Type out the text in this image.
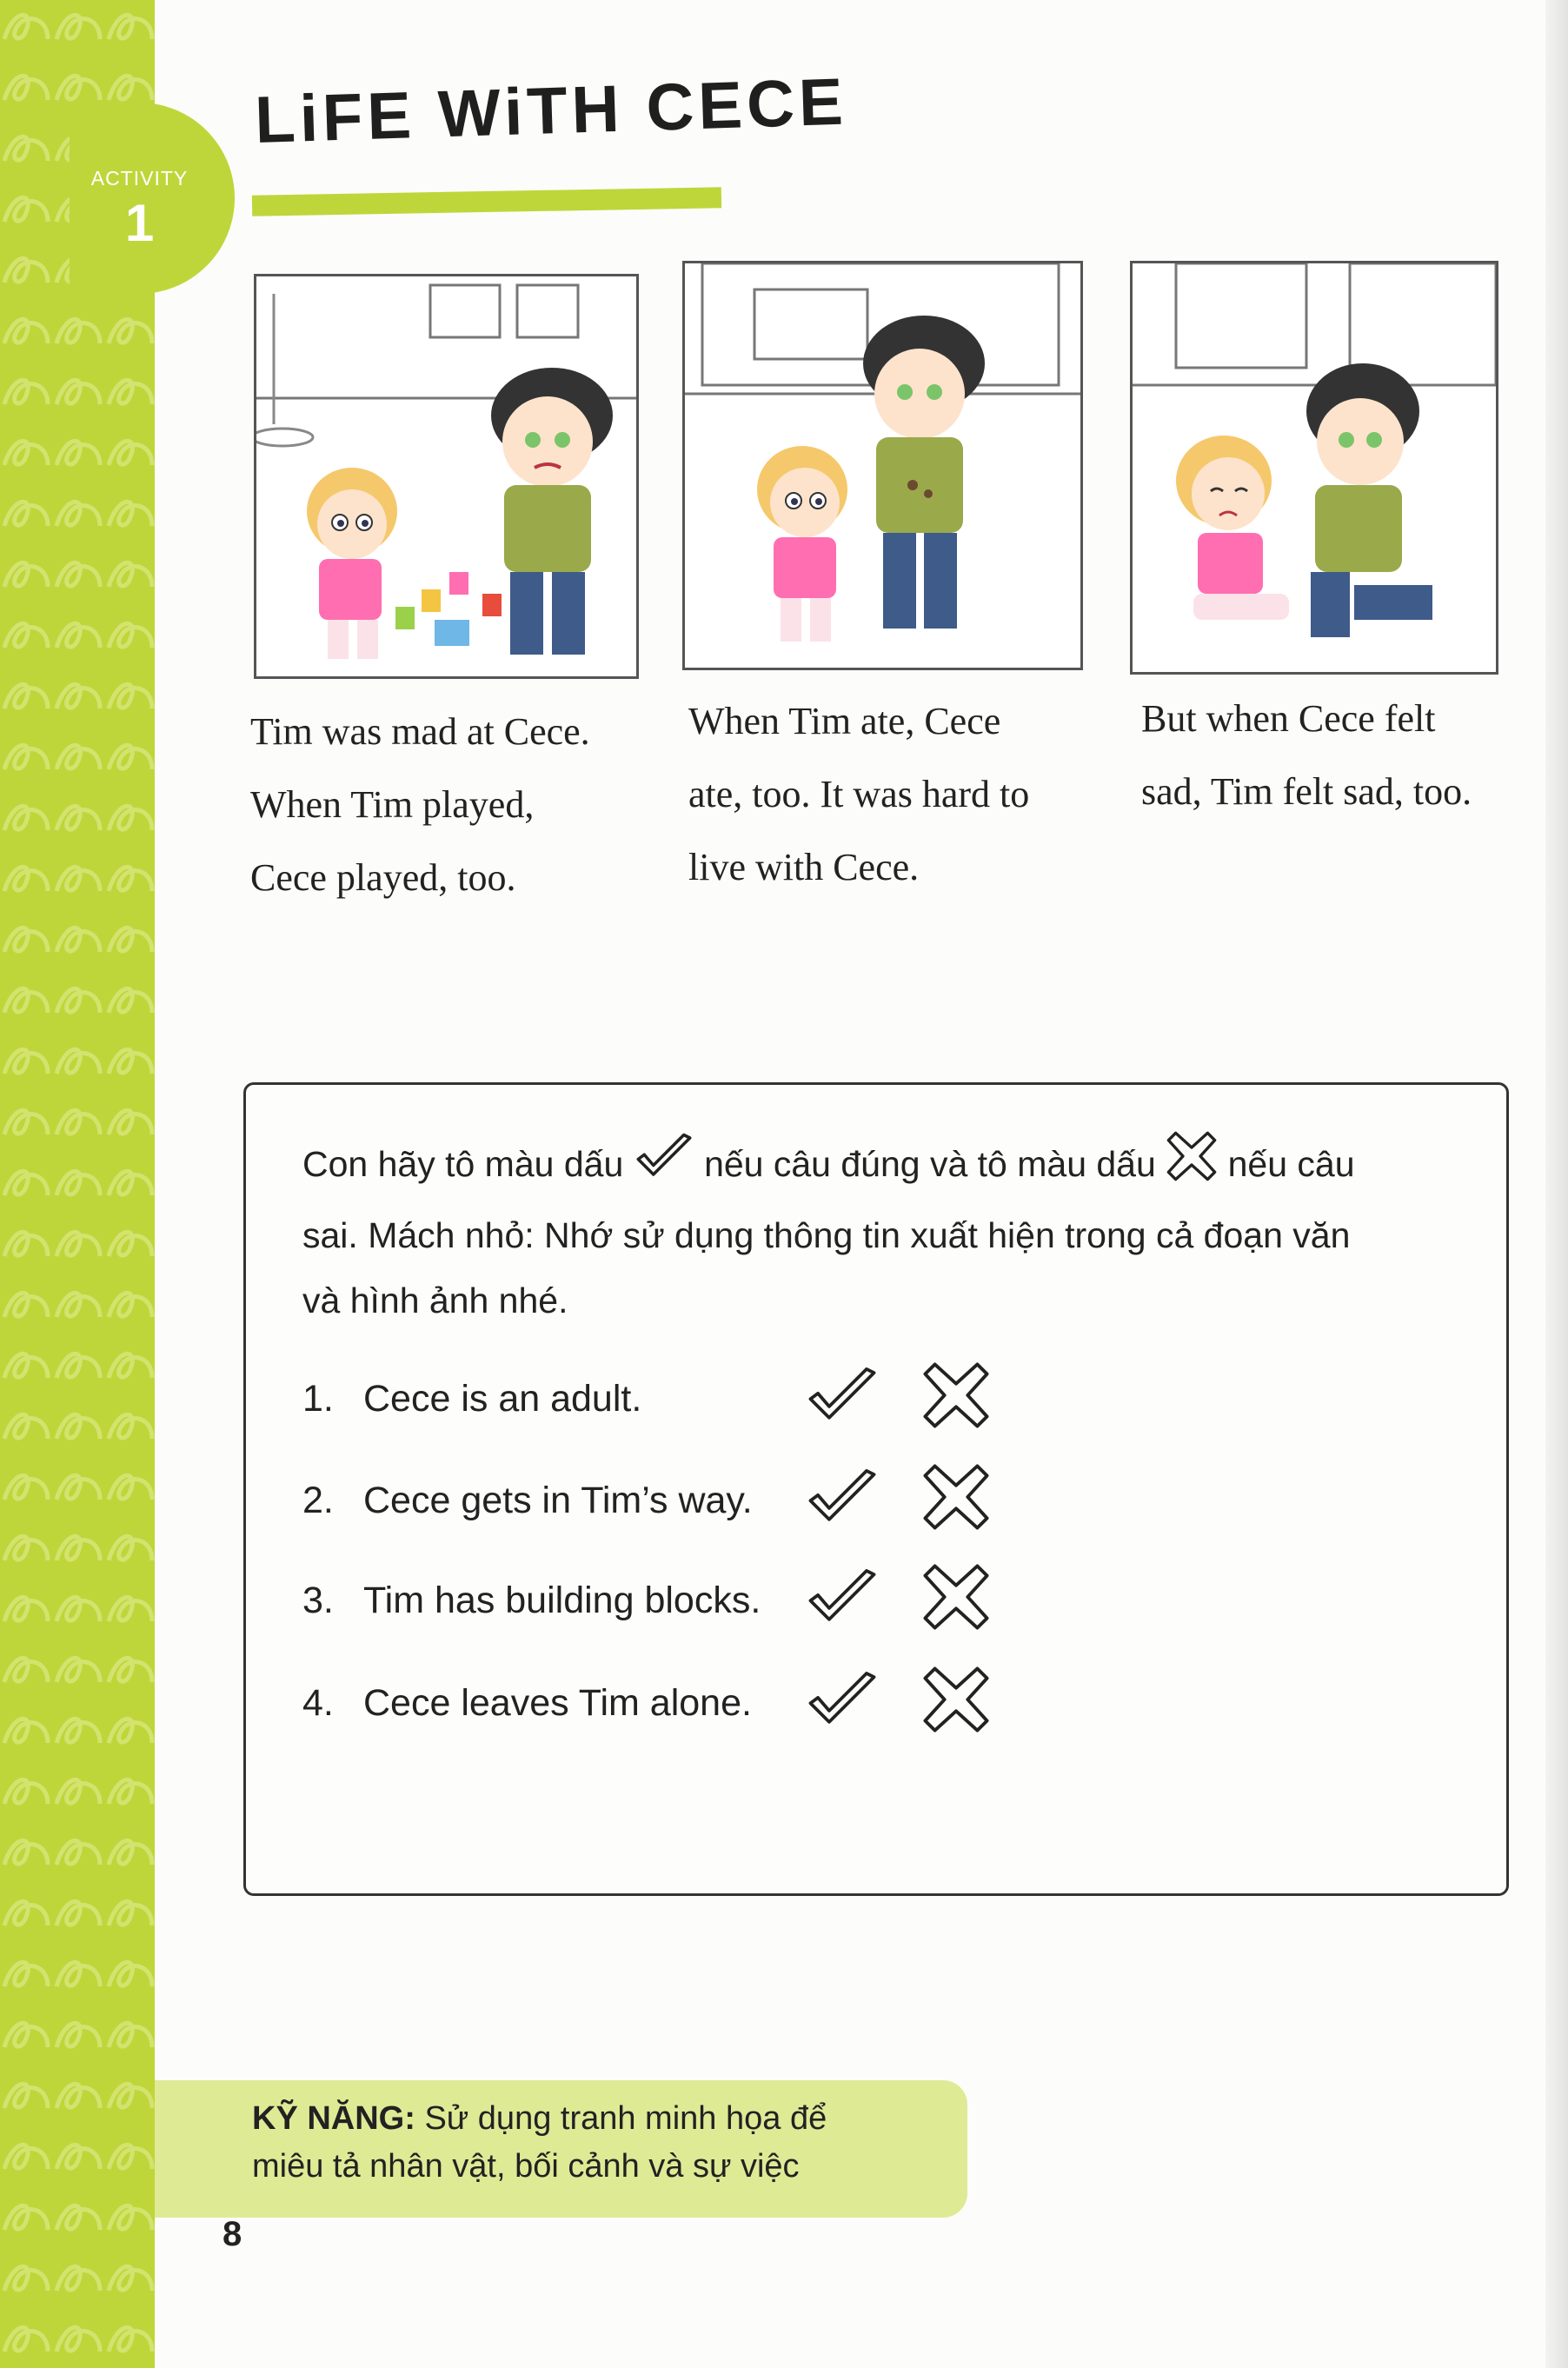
ACTIVITY
1
LiFE WiTH CECE
Tim was mad at Cece.
When Tim played,
Cece played, too.
When Tim ate, Cece
ate, too. It was hard to
live with Cece.
But when Cece felt
sad, Tim felt sad, too.
Con hãy tô màu dấu nếu câu đúng và tô màu dấu nếu câu
sai. Mách nhỏ: Nhớ sử dụng thông tin xuất hiện trong cả đoạn văn
và hình ảnh nhé.
1. Cece is an adult.
2. Cece gets in Tim’s way.
3. Tim has building blocks.
4. Cece leaves Tim alone.
KỸ NĂNG: Sử dụng tranh minh họa để
miêu tả nhân vật, bối cảnh và sự việc
8
